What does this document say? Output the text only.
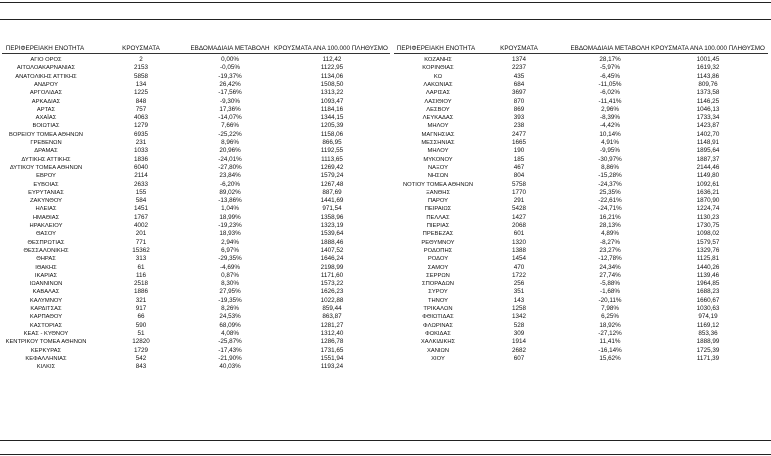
ΠΕΡΙΦΕΡΕΙΑΚΗ ΕΝΟΤΗΤΑ	ΚΡΟΥΣΜΑΤΑ	ΕΒΔΟΜΑΔΙΑΙΑ ΜΕΤΑΒΟΛΗ ΚΡΟΥΣΜΑΤΑ ΑΝΑ 100.000 ΠΛΗΘΥΣΜΟ	ΠΕΡΙΦΕΡΕΙΑΚΗ ΕΝΟΤΗΤΑ	ΚΡΟΥΣΜΑΤΑ	ΕΒΔΟΜΑΔΙΑΙΑ ΜΕΤΑΒΟΛΗ ΚΡΟΥΣΜΑΤΑ ΑΝΑ 100.000 ΠΛΗΘΥΣΜΟ
ΑΓΙΟ ΟΡΟΣ	2	0,00%	112,42
ΑΙΤΩΛΟΑΚΑΡΝΑΝΙΑΣ	2153	-0,05%	1122,95
ΑΝΑΤΟΛΙΚΗΣ ΑΤΤΙΚΗΣ	5858	-19,37%	1134,06
ΑΝΔΡΟΥ	134	26,42%	1508,50
ΑΡΓΟΛΙΔΑΣ	1225	-17,56%	1313,22
ΑΡΚΑΔΙΑΣ	848	-9,30%	1093,47
ΑΡΤΑΣ	757	17,36%	1184,16
ΑΧΑΪΑΣ	4063	-14,07%	1344,15
ΒΟΙΩΤΙΑΣ	1279	7,66%	1205,39
ΒΟΡΕΙΟΥ ΤΟΜΕΑ ΑΘΗΝΩΝ	6935	-25,22%	1158,06
ΓΡΕΒΕΝΩΝ	231	8,96%	866,95
ΔΡΑΜΑΣ	1033	20,96%	1192,55
ΔΥΤΙΚΗΣ ΑΤΤΙΚΗΣ	1836	-24,01%	1113,65
ΔΥΤΙΚΟΥ ΤΟΜΕΑ ΑΘΗΝΩΝ	6040	-27,80%	1269,42
ΕΒΡΟΥ	2114	23,84%	1579,24
ΕΥΒΟΙΑΣ	2633	-6,20%	1267,48
ΕΥΡΥΤΑΝΙΑΣ	155	89,02%	887,69
ΖΑΚΥΝΘΟΥ	584	-13,86%	1441,69
ΗΛΕΙΑΣ	1451	1,04%	971,54
ΗΜΑΘΙΑΣ	1767	18,99%	1358,96
ΗΡΑΚΛΕΙΟΥ	4002	-19,23%	1323,19
ΘΑΣΟΥ	201	18,93%	1539,64
ΘΕΣΠΡΩΤΙΑΣ	771	2,94%	1888,46
ΘΕΣΣΑΛΟΝΙΚΗΣ	15362	6,97%	1407,52
ΘΗΡΑΣ	313	-29,35%	1646,24
ΙΘΑΚΗΣ	61	-4,69%	2198,99
ΙΚΑΡΙΑΣ	116	0,87%	1171,60
ΙΩΑΝΝΙΝΩΝ	2518	8,30%	1573,22
ΚΑΒΑΛΑΣ	1886	27,95%	1626,23
ΚΑΛΥΜΝΟΥ	321	-19,35%	1022,88
ΚΑΡΔΙΤΣΑΣ	917	8,26%	859,44
ΚΑΡΠΑΘΟΥ	66	24,53%	863,87
ΚΑΣΤΟΡΙΑΣ	590	68,09%	1281,27
ΚΕΑΣ - ΚΥΘΝΟΥ	51	4,08%	1312,40
ΚΕΝΤΡΙΚΟΥ ΤΟΜΕΑ ΑΘΗΝΩΝ	12820	-25,87%	1286,78
ΚΕΡΚΥΡΑΣ	1729	-17,43%	1731,65
ΚΕΦΑΛΛΗΝΙΑΣ	542	-21,90%	1551,94
ΚΙΛΚΙΣ	843	40,03%	1193,24
ΚΟΖΑΝΗΣ	1374	28,17%	1001,45
ΚΟΡΙΝΘΙΑΣ	2237	-5,97%	1619,32
ΚΩ	435	-6,45%	1143,86
ΛΑΚΩΝΙΑΣ	684	-11,05%	809,76
ΛΑΡΙΣΑΣ	3697	-6,02%	1373,58
ΛΑΣΙΘΙΟΥ	870	-11,41%	1146,25
ΛΕΣΒΟΥ	869	2,96%	1046,13
ΛΕΥΚΑΔΑΣ	393	-8,39%	1733,34
ΜΗΛΟΥ	238	-4,42%	1423,87
ΜΑΓΝΗΣΙΑΣ	2477	10,14%	1402,70
ΜΕΣΣΗΝΙΑΣ	1665	4,91%	1148,91
ΜΗΛΟΥ	190	-9,95%	1895,64
ΜΥΚΟΝΟΥ	185	-30,97%	1887,37
ΝΑΞΟΥ	467	8,86%	2144,46
ΝΗΣΩΝ	804	-15,28%	1149,80
ΝΟΤΙΟΥ ΤΟΜΕΑ ΑΘΗΝΩΝ	5758	-24,37%	1092,61
ΞΑΝΘΗΣ	1770	25,35%	1636,21
ΠΑΡΟΥ	291	-22,61%	1870,90
ΠΕΙΡΑΙΩΣ	5428	-24,71%	1224,74
ΠΕΛΛΑΣ	1427	16,21%	1130,23
ΠΙΕΡΙΑΣ	2068	28,13%	1730,75
ΠΡΕΒΕΖΑΣ	601	4,89%	1098,02
ΡΕΘΥΜΝΟΥ	1320	-8,27%	1579,57
ΡΟΔΟΠΗΣ	1388	23,27%	1329,76
ΡΟΔΟΥ	1454	-12,78%	1125,81
ΣΑΜΟΥ	470	24,34%	1440,26
ΣΕΡΡΩΝ	1722	27,74%	1139,46
ΣΠΟΡΑΔΩΝ	256	-5,88%	1964,85
ΣΥΡΟΥ	351	-1,68%	1688,23
ΤΗΝΟΥ	143	-20,11%	1660,67
ΤΡΙΚΑΛΩΝ	1258	7,98%	1030,63
ΦΘΙΩΤΙΔΑΣ	1342	6,25%	974,19
ΦΛΩΡΙΝΑΣ	528	18,92%	1169,12
ΦΩΚΙΔΑΣ	309	-27,12%	853,36
ΧΑΛΚΙΔΙΚΗΣ	1914	11,41%	1888,99
ΧΑΝΙΩΝ	2682	-16,14%	1725,39
ΧΙΟΥ	607	15,62%	1171,39
